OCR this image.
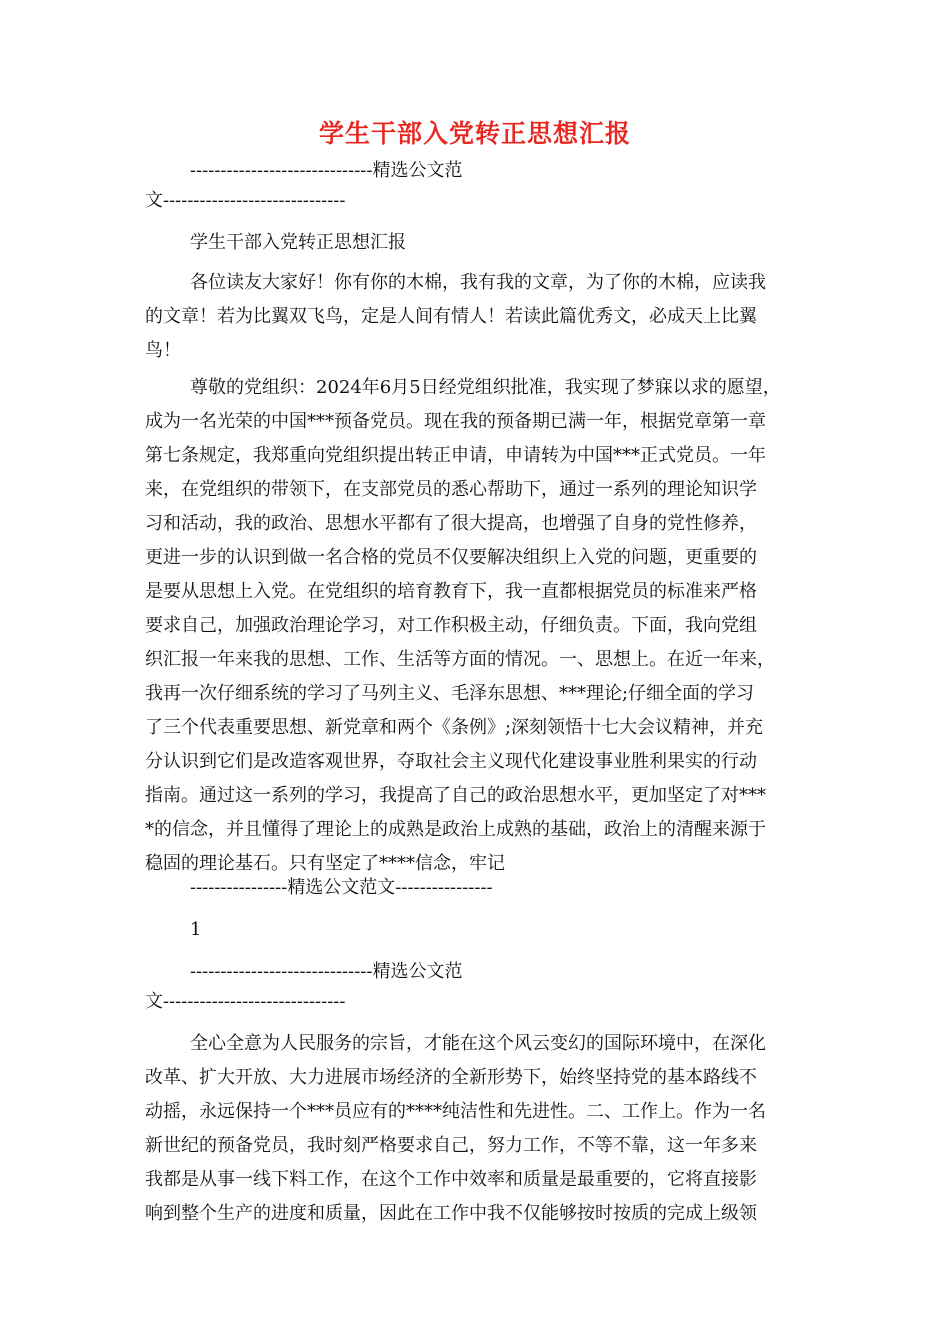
学生干部入党转正思想汇报
------------------------------精选公文范
文------------------------------
学生干部入党转正思想汇报
各位读友大家好！你有你的木棉，我有我的文章，为了你的木棉，应读我
的文章！若为比翼双飞鸟，定是人间有情人！若读此篇优秀文，必成天上比翼
鸟！
尊敬的党组织：2024年6月5日经党组织批准，我实现了梦寐以求的愿望，
成为一名光荣的中国***预备党员。现在我的预备期已满一年，根据党章第一章
第七条规定，我郑重向党组织提出转正申请，申请转为中国***正式党员。一年
来，在党组织的带领下，在支部党员的悉心帮助下，通过一系列的理论知识学
习和活动，我的政治、思想水平都有了很大提高，也增强了自身的党性修养，
更进一步的认识到做一名合格的党员不仅要解决组织上入党的问题，更重要的
是要从思想上入党。在党组织的培育教育下，我一直都根据党员的标准来严格
要求自己，加强政治理论学习，对工作积极主动，仔细负责。下面，我向党组
织汇报一年来我的思想、工作、生活等方面的情况。一、思想上。在近一年来，
我再一次仔细系统的学习了马列主义、毛泽东思想、***理论;仔细全面的学习
了三个代表重要思想、新党章和两个《条例》;深刻领悟十七大会议精神，并充
分认识到它们是改造客观世界，夺取社会主义现代化建设事业胜利果实的行动
指南。通过这一系列的学习，我提高了自己的政治思想水平，更加坚定了对***
*的信念，并且懂得了理论上的成熟是政治上成熟的基础，政治上的清醒来源于
稳固的理论基石。只有坚定了****信念，牢记
----------------精选公文范文----------------
1
------------------------------精选公文范
文------------------------------
全心全意为人民服务的宗旨，才能在这个风云变幻的国际环境中，在深化
改革、扩大开放、大力进展市场经济的全新形势下，始终坚持党的基本路线不
动摇，永远保持一个***员应有的****纯洁性和先进性。二、工作上。作为一名
新世纪的预备党员，我时刻严格要求自己，努力工作，不等不靠，这一年多来
我都是从事一线下料工作，在这个工作中效率和质量是最重要的，它将直接影
响到整个生产的进度和质量，因此在工作中我不仅能够按时按质的完成上级领
